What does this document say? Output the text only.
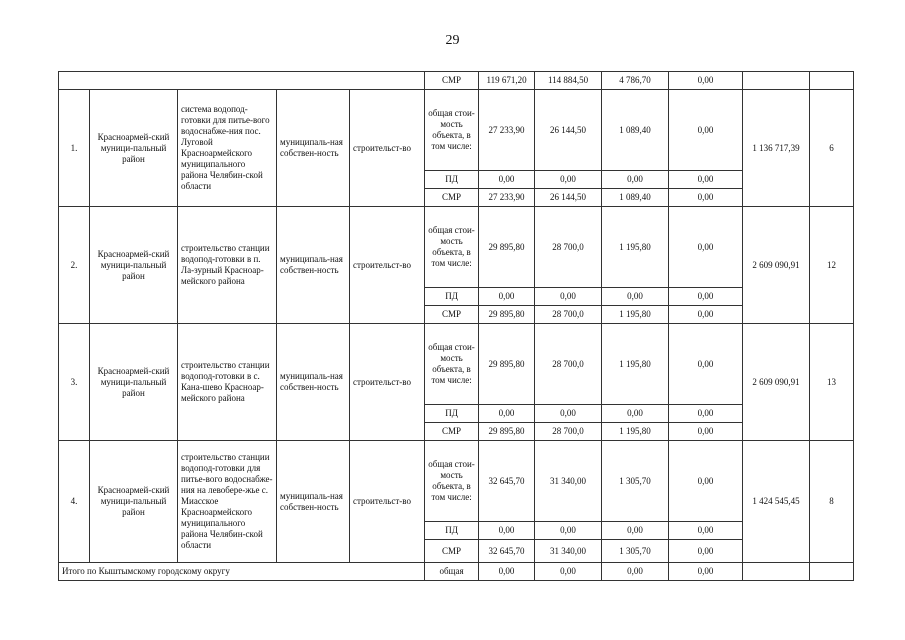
29
					СМР	119 671,20	114 884,50	4 786,70	0,00		
1.	Красноармей-ский муници-пальный район	система водопод-готовки для питье-вого водоснабже-ния пос. Луговой Красноармейского муниципального района Челябин-ской области	муниципаль-ная собствен-ность	строительст-во	общая стои-мость объекта, в том числе:	27 233,90	26 144,50	1 089,40	0,00	1 136 717,39	6
					ПД	0,00	0,00	0,00	0,00		
					СМР	27 233,90	26 144,50	1 089,40	0,00		
2.	Красноармей-ский муници-пальный район	строительство станции водопод-готовки в п. Ла-зурный Красноар-мейского района	муниципаль-ная собствен-ность	строительст-во	общая стои-мость объекта, в том числе:	29 895,80	28 700,0	1 195,80	0,00	2 609 090,91	12
					ПД	0,00	0,00	0,00	0,00		
					СМР	29 895,80	28 700,0	1 195,80	0,00		
3.	Красноармей-ский муници-пальный район	строительство станции водопод-готовки в с. Кана-шево Красноар-мейского района	муниципаль-ная собствен-ность	строительст-во	общая стои-мость объекта, в том числе:	29 895,80	28 700,0	1 195,80	0,00	2 609 090,91	13
					ПД	0,00	0,00	0,00	0,00		
					СМР	29 895,80	28 700,0	1 195,80	0,00		
4.	Красноармей-ский муници-пальный район	строительство станции водопод-готовки для питье-вого водоснабже-ния на левобере-жье с. Миасское Красноармейского муниципального района Челябин-ской области	муниципаль-ная собствен-ность	строительст-во	общая стои-мость объекта, в том числе:	32 645,70	31 340,00	1 305,70	0,00	1 424 545,45	8
					ПД	0,00	0,00	0,00	0,00		
					СМР	32 645,70	31 340,00	1 305,70	0,00		
Итого по Кыштымскому городскому округу					общая	0,00	0,00	0,00	0,00		
